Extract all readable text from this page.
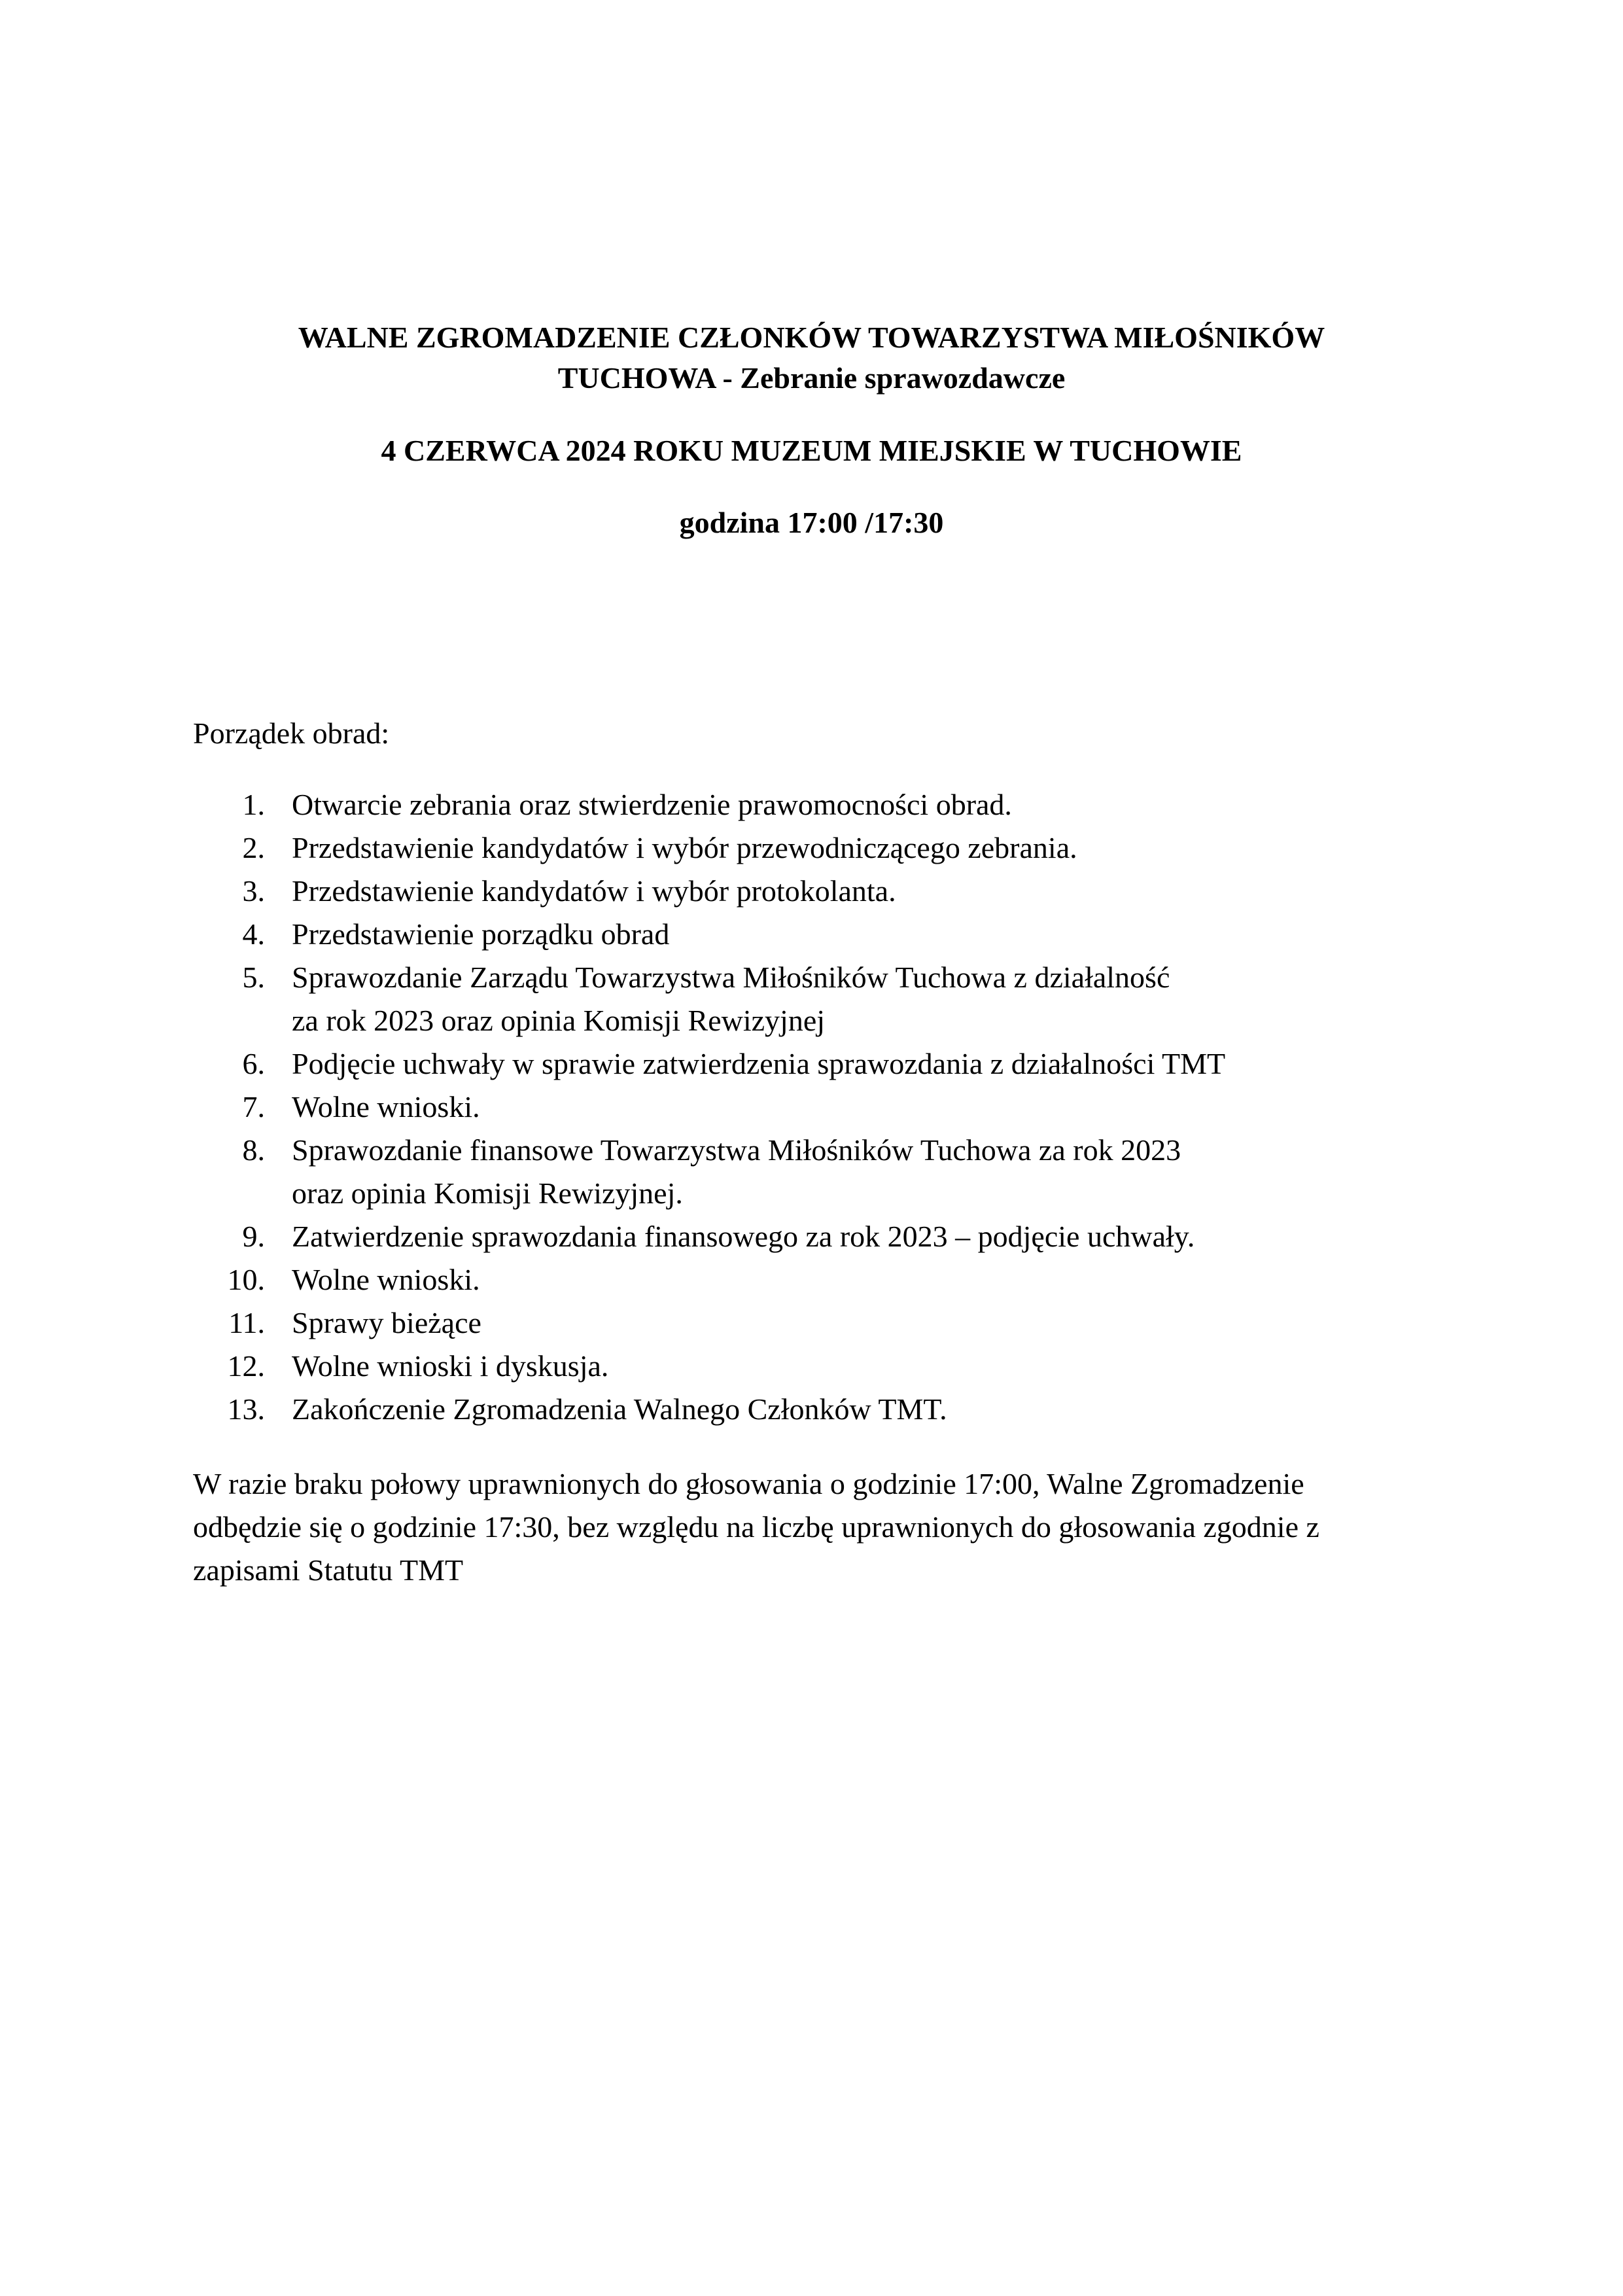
WALNE ZGROMADZENIE CZŁONKÓW TOWARZYSTWA MIŁOŚNIKÓW
TUCHOWA - Zebranie sprawozdawcze
4 CZERWCA 2024 ROKU MUZEUM MIEJSKIE W TUCHOWIE
godzina 17:00 /17:30
Porządek obrad:
1. Otwarcie zebrania oraz stwierdzenie prawomocności obrad.
2. Przedstawienie kandydatów i wybór przewodniczącego zebrania.
3. Przedstawienie kandydatów i wybór protokolanta.
4. Przedstawienie porządku obrad
5. Sprawozdanie Zarządu Towarzystwa Miłośników Tuchowa z działalność
za rok 2023 oraz opinia Komisji Rewizyjnej
6. Podjęcie uchwały w sprawie zatwierdzenia sprawozdania z działalności TMT
7. Wolne wnioski.
8. Sprawozdanie finansowe Towarzystwa Miłośników Tuchowa za rok 2023
oraz opinia Komisji Rewizyjnej.
9. Zatwierdzenie sprawozdania finansowego za rok 2023 – podjęcie uchwały.
10. Wolne wnioski.
11. Sprawy bieżące
12. Wolne wnioski i dyskusja.
13. Zakończenie Zgromadzenia Walnego Członków TMT.
W razie braku połowy uprawnionych do głosowania o godzinie 17:00, Walne Zgromadzenie
odbędzie się o godzinie 17:30, bez względu na liczbę uprawnionych do głosowania zgodnie z
zapisami Statutu TMT
